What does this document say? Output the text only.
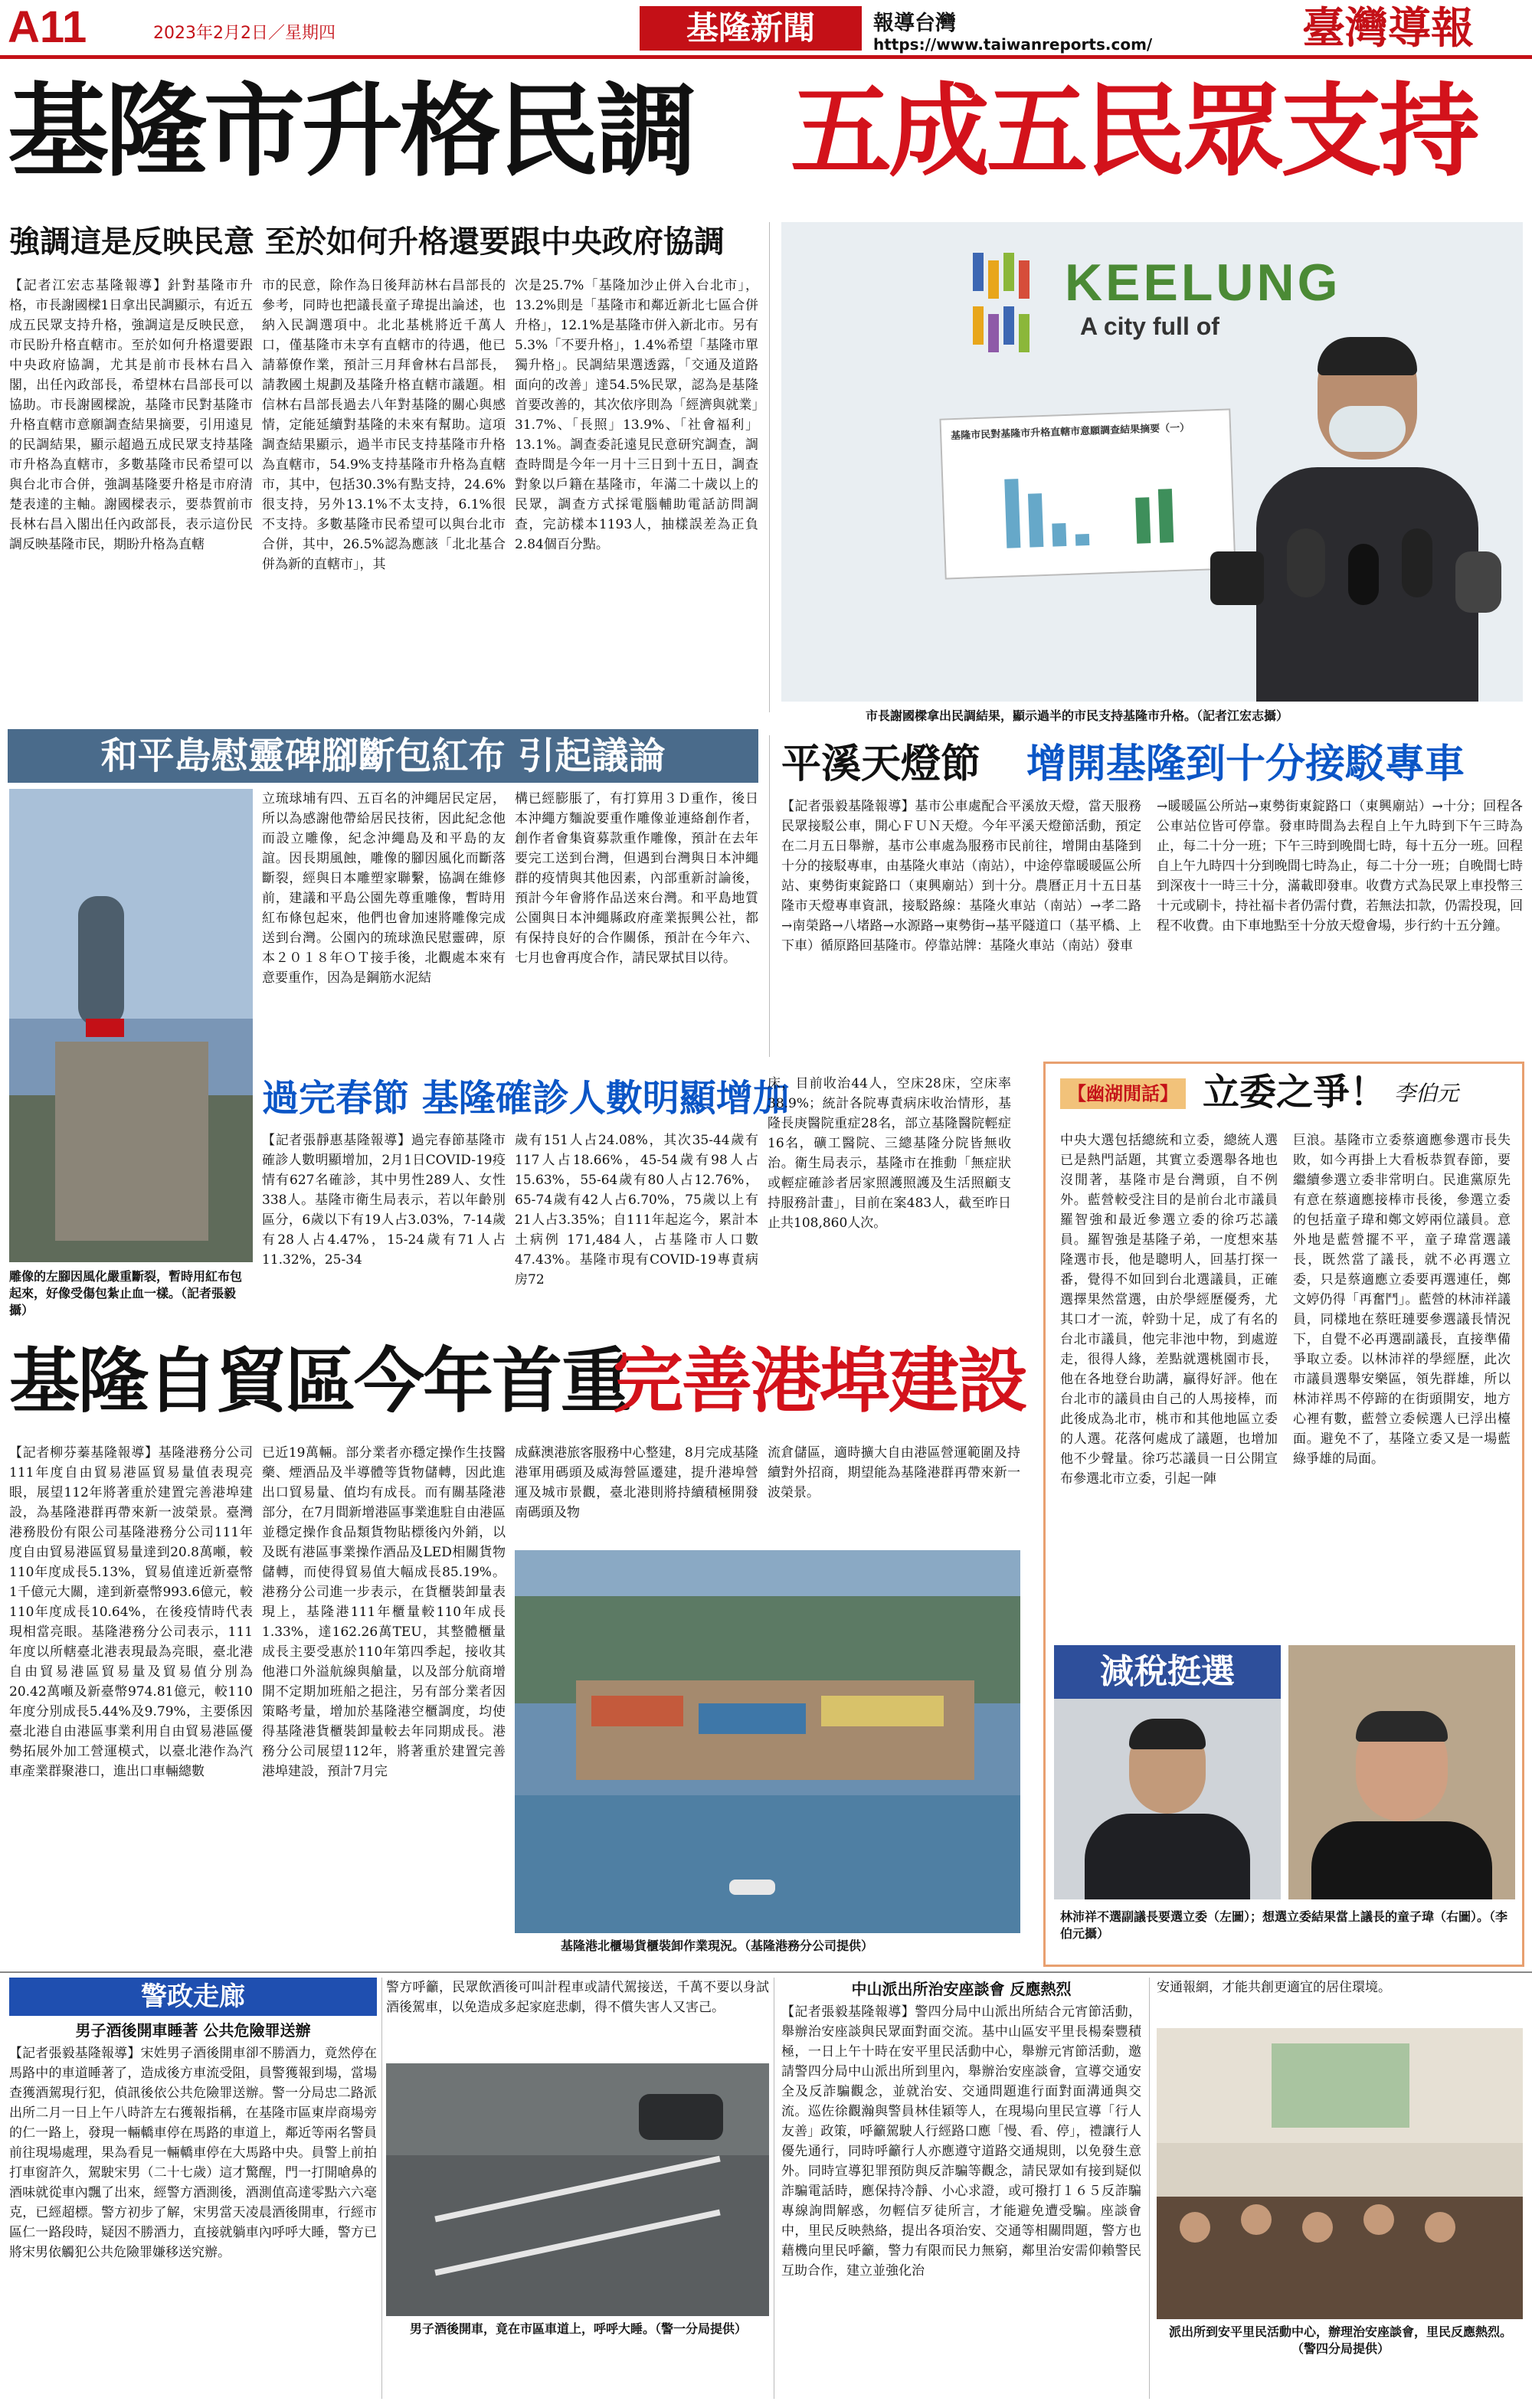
A11	2023年2月2日／星期四	基隆新聞	報導台灣
https://www.taiwanreports.com/	臺灣導報
基隆市升格民調 五成五民眾支持
強調這是反映民意 至於如何升格還要跟中央政府協調

【記者江宏志基隆報導】針對基隆市升格，市長謝國樑1日拿出民調顯示，有近五成五民眾支持升格，強調這是反映民意，市民盼升格直轄市。至於如何升格還要跟中央政府協調，尤其是前市長林右昌入閣，出任內政部長，希望林右昌部長可以協助。市長謝國樑說，基隆市民對基隆市升格直轄市意願調查結果摘要，引用遠見的民調結果，顯示超過五成民眾支持基隆市升格為直轄市，多數基隆市民希望可以與台北市合併，強調基隆要升格是市府清楚表達的主軸。謝國樑表示，要恭賀前市長林右昌入閣出任內政部長，表示這份民調反映基隆市民，期盼升格為直轄

市的民意，除作為日後拜訪林右昌部長的參考，同時也把議長童子瑋提出論述，也納入民調選項中。北北基桃將近千萬人口，僅基隆市未享有直轄市的待遇，他已請幕僚作業，預計三月拜會林右昌部長，請教國土規劃及基隆升格直轄市議題。相信林右昌部長過去八年對基隆的關心與感情，定能延續對基隆的未來有幫助。這項調查結果顯示，過半市民支持基隆市升格為直轄市，54.9%支持基隆市升格為直轄市，其中，包括30.3%有點支持，24.6%很支持，另外13.1%不太支持，6.1%很不支持。多數基隆市民希望可以與台北市合併，其中，26.5%認為應該「北北基合併為新的直轄市」，其

次是25.7%「基隆加沙止併入台北市」，13.2%則是「基隆市和鄰近新北七區合併升格」，12.1%是基隆市併入新北市。另有5.3%「不要升格」，1.4%希望「基隆市單獨升格」。民調結果選透露，「交通及道路面向的改善」達54.5%民眾，認為是基隆首要改善的，其次依序則為「經濟與就業」31.7%、「長照」13.9%、「社會福利」13.1%。調查委託遠見民意研究調查，調查時間是今年一月十三日到十五日，調查對象以戶籍在基隆市，年滿二十歲以上的民眾，調查方式採電腦輔助電話訪問調查，完訪樣本1193人，抽樣誤差為正負2.84個百分點。

KEELUNG
A city full of
基隆市民對基隆市升格直轄市意願調查結果摘要（一）
市長謝國樑拿出民調結果，顯示過半的市民支持基隆市升格。（記者江宏志攝）
和平島慰靈碑腳斷包紅布 引起議論
雕像的左腳因風化嚴重斷裂，暫時用紅布包起來，好像受傷包紮止血一樣。（記者張毅攝）

立琉球埔有四、五百名的沖繩居民定居，所以為感謝他帶給居民技術，因此紀念他而設立雕像，紀念沖繩島及和平島的友誼。因長期風蝕，雕像的腳因風化而斷落斷裂，經與日本雕塑家聯繫，協調在維修前，建議和平島公園先尊重雕像，暫時用紅布條包起來，他們也會加速將雕像完成送到台灣。公園內的琉球漁民慰靈碑，原本２０１８年ＯＴ接手後，北觀處本來有意要重作，因為是鋼筋水泥結

構已經膨脹了，有打算用３Ｄ重作，後日本沖繩方麵說要重作雕像並連絡創作者，創作者會集資募款重作雕像，預計在去年要完工送到台灣，但遇到台灣與日本沖繩群的疫情與其他因素，內部重新討論後，預計今年會將作品送來台灣。和平島地質公園與日本沖繩縣政府產業振興公社，都有保持良好的合作關係，預計在今年六、七月也會再度合作，請民眾拭目以待。

平溪天燈節 增開基隆到十分接駁專車

【記者張毅基隆報導】基市公車處配合平溪放天燈，當天服務民眾接駁公車，開心ＦＵＮ天燈。今年平溪天燈節活動，預定在二月五日舉辦，基市公車處為服務市民前往，增開由基隆到十分的接駁專車，由基隆火車站（南站），中途停靠暖暖區公所站、東勢街東錠路口（東興廟站）到十分。農曆正月十五日基隆市天燈專車資訊，接駁路線：基隆火車站（南站）→孝二路→南榮路→八堵路→水源路→東勢街→基平隧道口（基平橋、上下車）循原路回基隆市。停靠站牌：基隆火車站（南站）發車

→暖暖區公所站→東勢街東錠路口（東興廟站）→十分；回程各公車站位皆可停靠。發車時間為去程自上午九時到下午三時為止，每二十分一班；下午三時到晚間七時，每十五分一班。回程自上午九時四十分到晚間七時為止，每二十分一班；自晚間七時到深夜十一時三十分，滿載即發車。收費方式為民眾上車投幣三十元或刷卡，持社福卡者仍需付費，若無法扣款，仍需投現，回程不收費。由下車地點至十分放天燈會場，步行約十五分鐘。

過完春節 基隆確診人數明顯增加

【記者張靜惠基隆報導】過完春節基隆市確診人數明顯增加，2月1日COVID-19疫情有627名確診，其中男性289人、女性338人。基隆市衛生局表示，若以年齡別區分，6歲以下有19人占3.03%，7-14歲有28人占4.47%，15-24歲有71人占11.32%，25-34

歲有151人占24.08%，其次35-44歲有117人占18.66%，45-54歲有98人占15.63%，55-64歲有80人占12.76%，65-74歲有42人占6.70%，75歲以上有21人占3.35%；自111年起迄今，累計本土病例 171,484人，占基隆市人口數47.43%。基隆市現有COVID-19專責病房72

床，目前收治44人，空床28床，空床率38.9%；統計各院專責病床收治情形，基隆長庚醫院重症28名，部立基隆醫院輕症16名，礦工醫院、三總基隆分院皆無收治。衛生局表示，基隆市在推動「無症狀或輕症確診者居家照護照護及生活照顧支持服務計畫」，目前在案483人，截至昨日止共108,860人次。

【幽湖閒話】 立委之爭！ 李伯元

中央大選包括總統和立委，總統人選已是熱門話題，其實立委選舉各地也沒閒著，基隆市是台灣頭，自不例外。藍營較受注目的是前台北市議員羅智強和最近參選立委的徐巧芯議員。羅智強是基隆子弟，一度想來基隆選市長，他是聰明人，回基打探一番，覺得不如回到台北選議員，正確選擇果然當選，由於學經歷優秀，尤其口才一流，幹勁十足，成了有名的台北市議員，他完非池中物，到處遊走，很得人緣，差點就選桃園市長，他在各地登台助講，贏得好評。他在台北市的議員由自己的人馬接棒，而此後成為北市，桃市和其他地區立委的人選。花落何處成了議題，也增加他不少聲量。徐巧芯議員一日公開宣布參選北市立委，引起一陣

巨浪。基隆市立委蔡適應參選市長失敗，如今再掛上大看板恭賀春節，要繼續參選立委非常明白。民進黨原先有意在蔡適應接棒市長後，參選立委的包括童子瑋和鄭文婷兩位議員。意外地是藍營擺不平，童子瑋當選議長，既然當了議長，就不必再選立委，只是蔡適應立委要再選連任，鄭文婷仍得「再奮鬥」。藍營的林沛祥議員，同樣地在蔡旺璉要參選議長情況下，自覺不必再選副議長，直接準備爭取立委。以林沛祥的學經歷，此次市議員選舉安樂區，領先群雄，所以林沛祥馬不停蹄的在街頭開安，地方心裡有數，藍營立委候選人已浮出檯面。避免不了，基隆立委又是一場藍綠爭雄的局面。

減稅挺選
林沛祥不選副議長要選立委（左圖）；想選立委結果當上議長的童子瑋（右圖）。（李伯元攝）
基隆自貿區今年首重
完善港埠建設

【記者柳芬蓁基隆報導】基隆港務分公司111年度自由貿易港區貿易量值表現亮眼，展望112年將著重於建置完善港埠建設，為基隆港群再帶來新一波榮景。臺灣港務股份有限公司基隆港務分公司111年度自由貿易港區貿易量達到20.8萬噸，較110年度成長5.13%，貿易值達近新臺幣1千億元大關，達到新臺幣993.6億元，較110年度成長10.64%，在後疫情時代表現相當亮眼。基隆港務分公司表示，111年度以所轄臺北港表現最為亮眼，臺北港自由貿易港區貿易量及貿易值分別為20.42萬噸及新臺幣974.81億元，較110年度分別成長5.44%及9.79%，主要係因臺北港自由港區事業利用自由貿易港區優勢拓展外加工營運模式，以臺北港作為汽車產業群聚港口，進出口車輛總數

已近19萬輛。部分業者亦穩定操作生技醫藥、煙酒品及半導體等貨物儲轉，因此進出口貿易量、值均有成長。而有關基隆港部分，在7月間新增港區事業進駐自由港區並穩定操作食品類貨物貼標後內外銷，以及既有港區事業操作酒品及LED相關貨物儲轉，而使得貿易值大幅成長85.19%。港務分公司進一步表示，在貨櫃裝卸量表現上，基隆港111年櫃量較110年成長1.33%，達162.26萬TEU，其整體櫃量成長主要受惠於110年第四季起，接收其他港口外溢航線與艙量，以及部分航商增開不定期加班船之挹注，另有部分業者因策略考量，增加於基隆港空櫃調度，均使得基隆港貨櫃裝卸量較去年同期成長。港務分公司展望112年，將著重於建置完善港埠建設，預計7月完

成蘇澳港旅客服務中心整建，8月完成基隆港軍用碼頭及威海營區遷建，提升港埠營運及城市景觀，臺北港則將持續積極開發南碼頭及物

流倉儲區，適時擴大自由港區營運範圍及持續對外招商，期望能為基隆港群再帶來新一波榮景。

基隆港北櫃場貨櫃裝卸作業現況。（基隆港務分公司提供）
警政走廊
男子酒後開車睡著 公共危險罪送辦

【記者張毅基隆報導】宋姓男子酒後開車卻不勝酒力，竟然停在馬路中的車道睡著了，造成後方車流受阻，員警獲報到場，當場查獲酒駕現行犯，偵訊後依公共危險罪送辦。警一分局忠二路派出所二月一日上午八時許左右獲報指稱，在基隆市區東岸商場旁的仁一路上，發現一輛轎車停在馬路的車道上，鄰近等兩名警員前往現場處理，果為看見一輛轎車停在大馬路中央。員警上前拍打車窗許久，駕駛宋男（二十七歲）這才驚醒，門一打開嗆鼻的酒味就從車內飄了出來，經警方酒測後，酒測值高達零點六六毫克，已經超標。警方初步了解，宋男當天凌晨酒後開車，行經市區仁一路段時，疑因不勝酒力，直接就躺車內呼呼大睡，警方已將宋男依觸犯公共危險罪嫌移送究辦。

警方呼籲，民眾飲酒後可叫計程車或請代駕接送，千萬不要以身試酒後駕車，以免造成多起家庭悲劇，得不償失害人又害己。

男子酒後開車，竟在市區車道上，呼呼大睡。（警一分局提供）
中山派出所治安座談會 反應熱烈

【記者張毅基隆報導】警四分局中山派出所結合元宵節活動，舉辦治安座談與民眾面對面交流。基中山區安平里長楊秦豐積極，一日上午十時在安平里民活動中心，舉辦元宵節活動，邀請警四分局中山派出所到里內，舉辦治安座談會，宣導交通安全及反詐騙觀念，並就治安、交通問題進行面對面溝通與交流。巡佐徐觀瀚與警員林佳穎等人，在現場向里民宣導「行人友善」政策，呼籲駕駛人行經路口應「慢、看、停」，禮讓行人優先通行，同時呼籲行人亦應遵守道路交通規則，以免發生意外。同時宣導犯罪預防與反詐騙等觀念，請民眾如有接到疑似詐騙電話時，應保持冷靜、小心求證，或可撥打１６５反詐騙專線詢問解惑，勿輕信歹徒所言，才能避免遭受騙。座談會中，里民反映熱絡，提出各項治安、交通等相關問題，警方也藉機向里民呼籲，警力有限而民力無窮，鄰里治安需仰賴警民互助合作，建立並強化治

安通報網，才能共創更適宜的居住環境。

派出所到安平里民活動中心，辦理治安座談會，里民反應熱烈。（警四分局提供）
